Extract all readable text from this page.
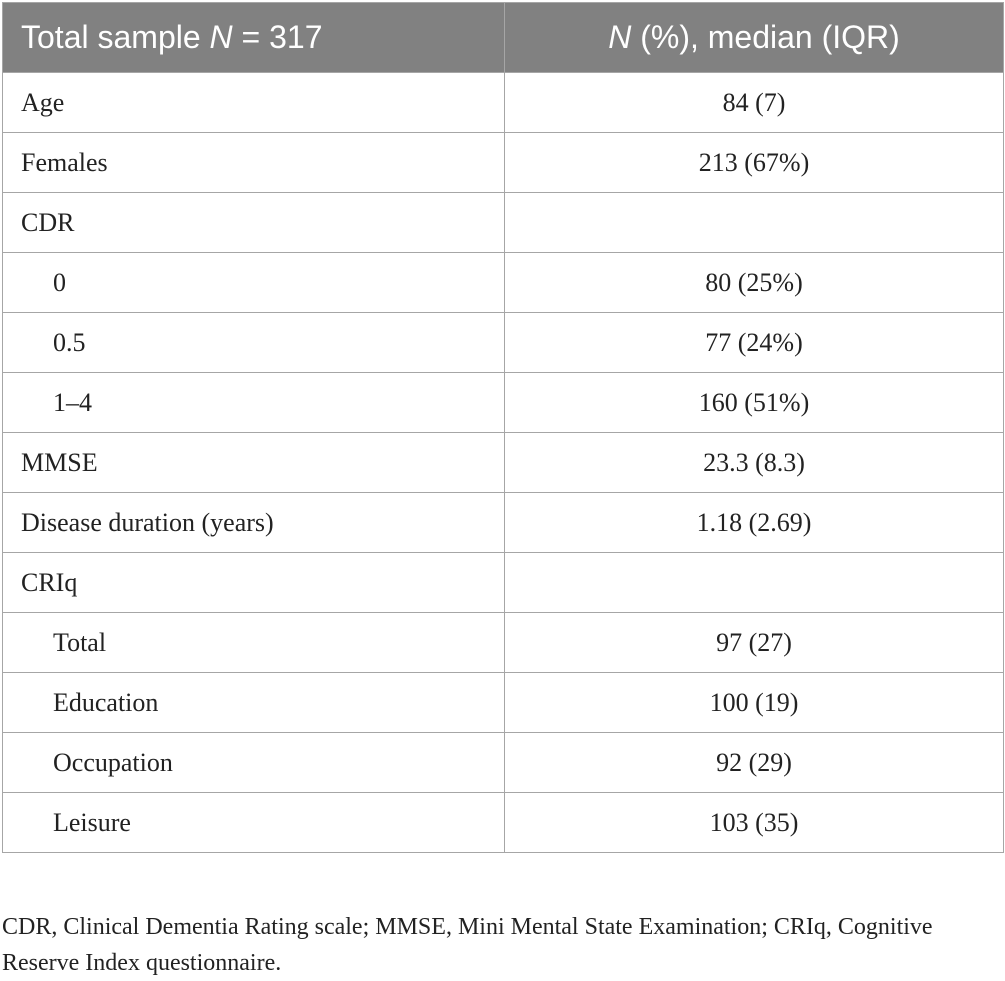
Total sample N = 317	N (%), median (IQR)
Age	84 (7)
Females	213 (67%)
CDR	
0	80 (25%)
0.5	77 (24%)
1–4	160 (51%)
MMSE	23.3 (8.3)
Disease duration (years)	1.18 (2.69)
CRIq	
Total	97 (27)
Education	100 (19)
Occupation	92 (29)
Leisure	103 (35)

CDR, Clinical Dementia Rating scale; MMSE, Mini Mental State Examination; CRIq, Cognitive Reserve Index questionnaire.
